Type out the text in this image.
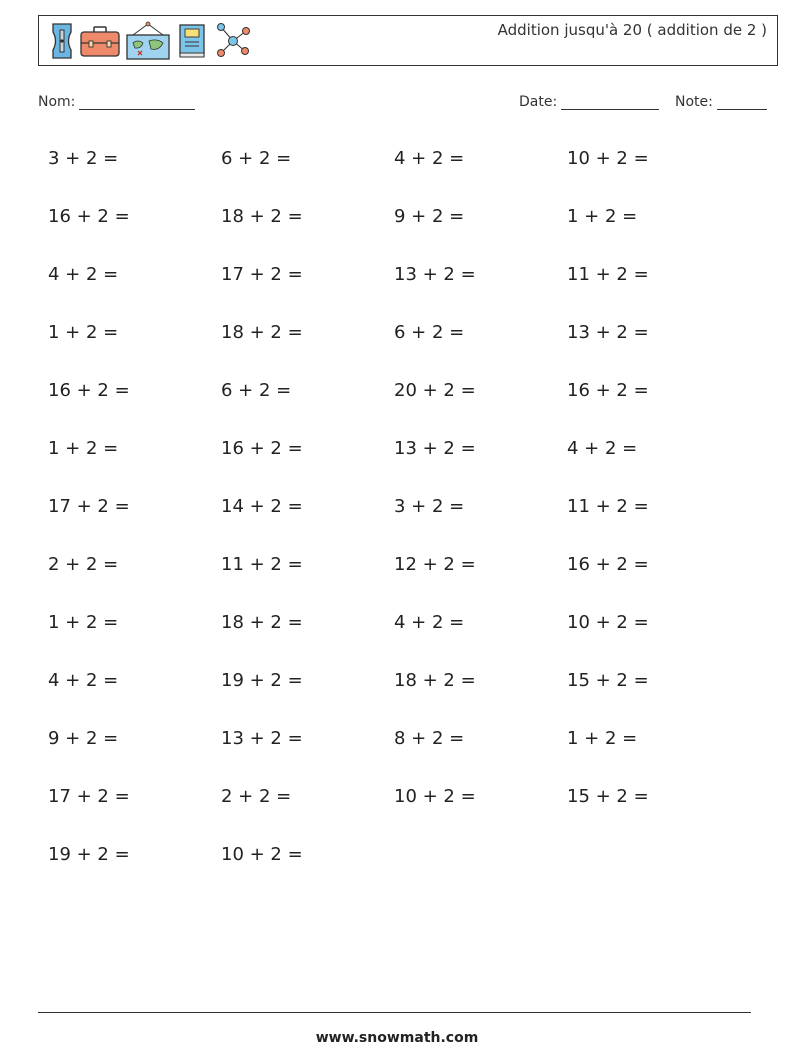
Addition jusqu'à 20 ( addition de 2 )
Nom:	Date:	Note:
3 + 2 =	6 + 2 =	4 + 2 =	10 + 2 =
16 + 2 =	18 + 2 =	9 + 2 =	1 + 2 =
4 + 2 =	17 + 2 =	13 + 2 =	11 + 2 =
1 + 2 =	18 + 2 =	6 + 2 =	13 + 2 =
16 + 2 =	6 + 2 =	20 + 2 =	16 + 2 =
1 + 2 =	16 + 2 =	13 + 2 =	4 + 2 =
17 + 2 =	14 + 2 =	3 + 2 =	11 + 2 =
2 + 2 =	11 + 2 =	12 + 2 =	16 + 2 =
1 + 2 =	18 + 2 =	4 + 2 =	10 + 2 =
4 + 2 =	19 + 2 =	18 + 2 =	15 + 2 =
9 + 2 =	13 + 2 =	8 + 2 =	1 + 2 =
17 + 2 =	2 + 2 =	10 + 2 =	15 + 2 =
19 + 2 =	10 + 2 =
www.snowmath.com
